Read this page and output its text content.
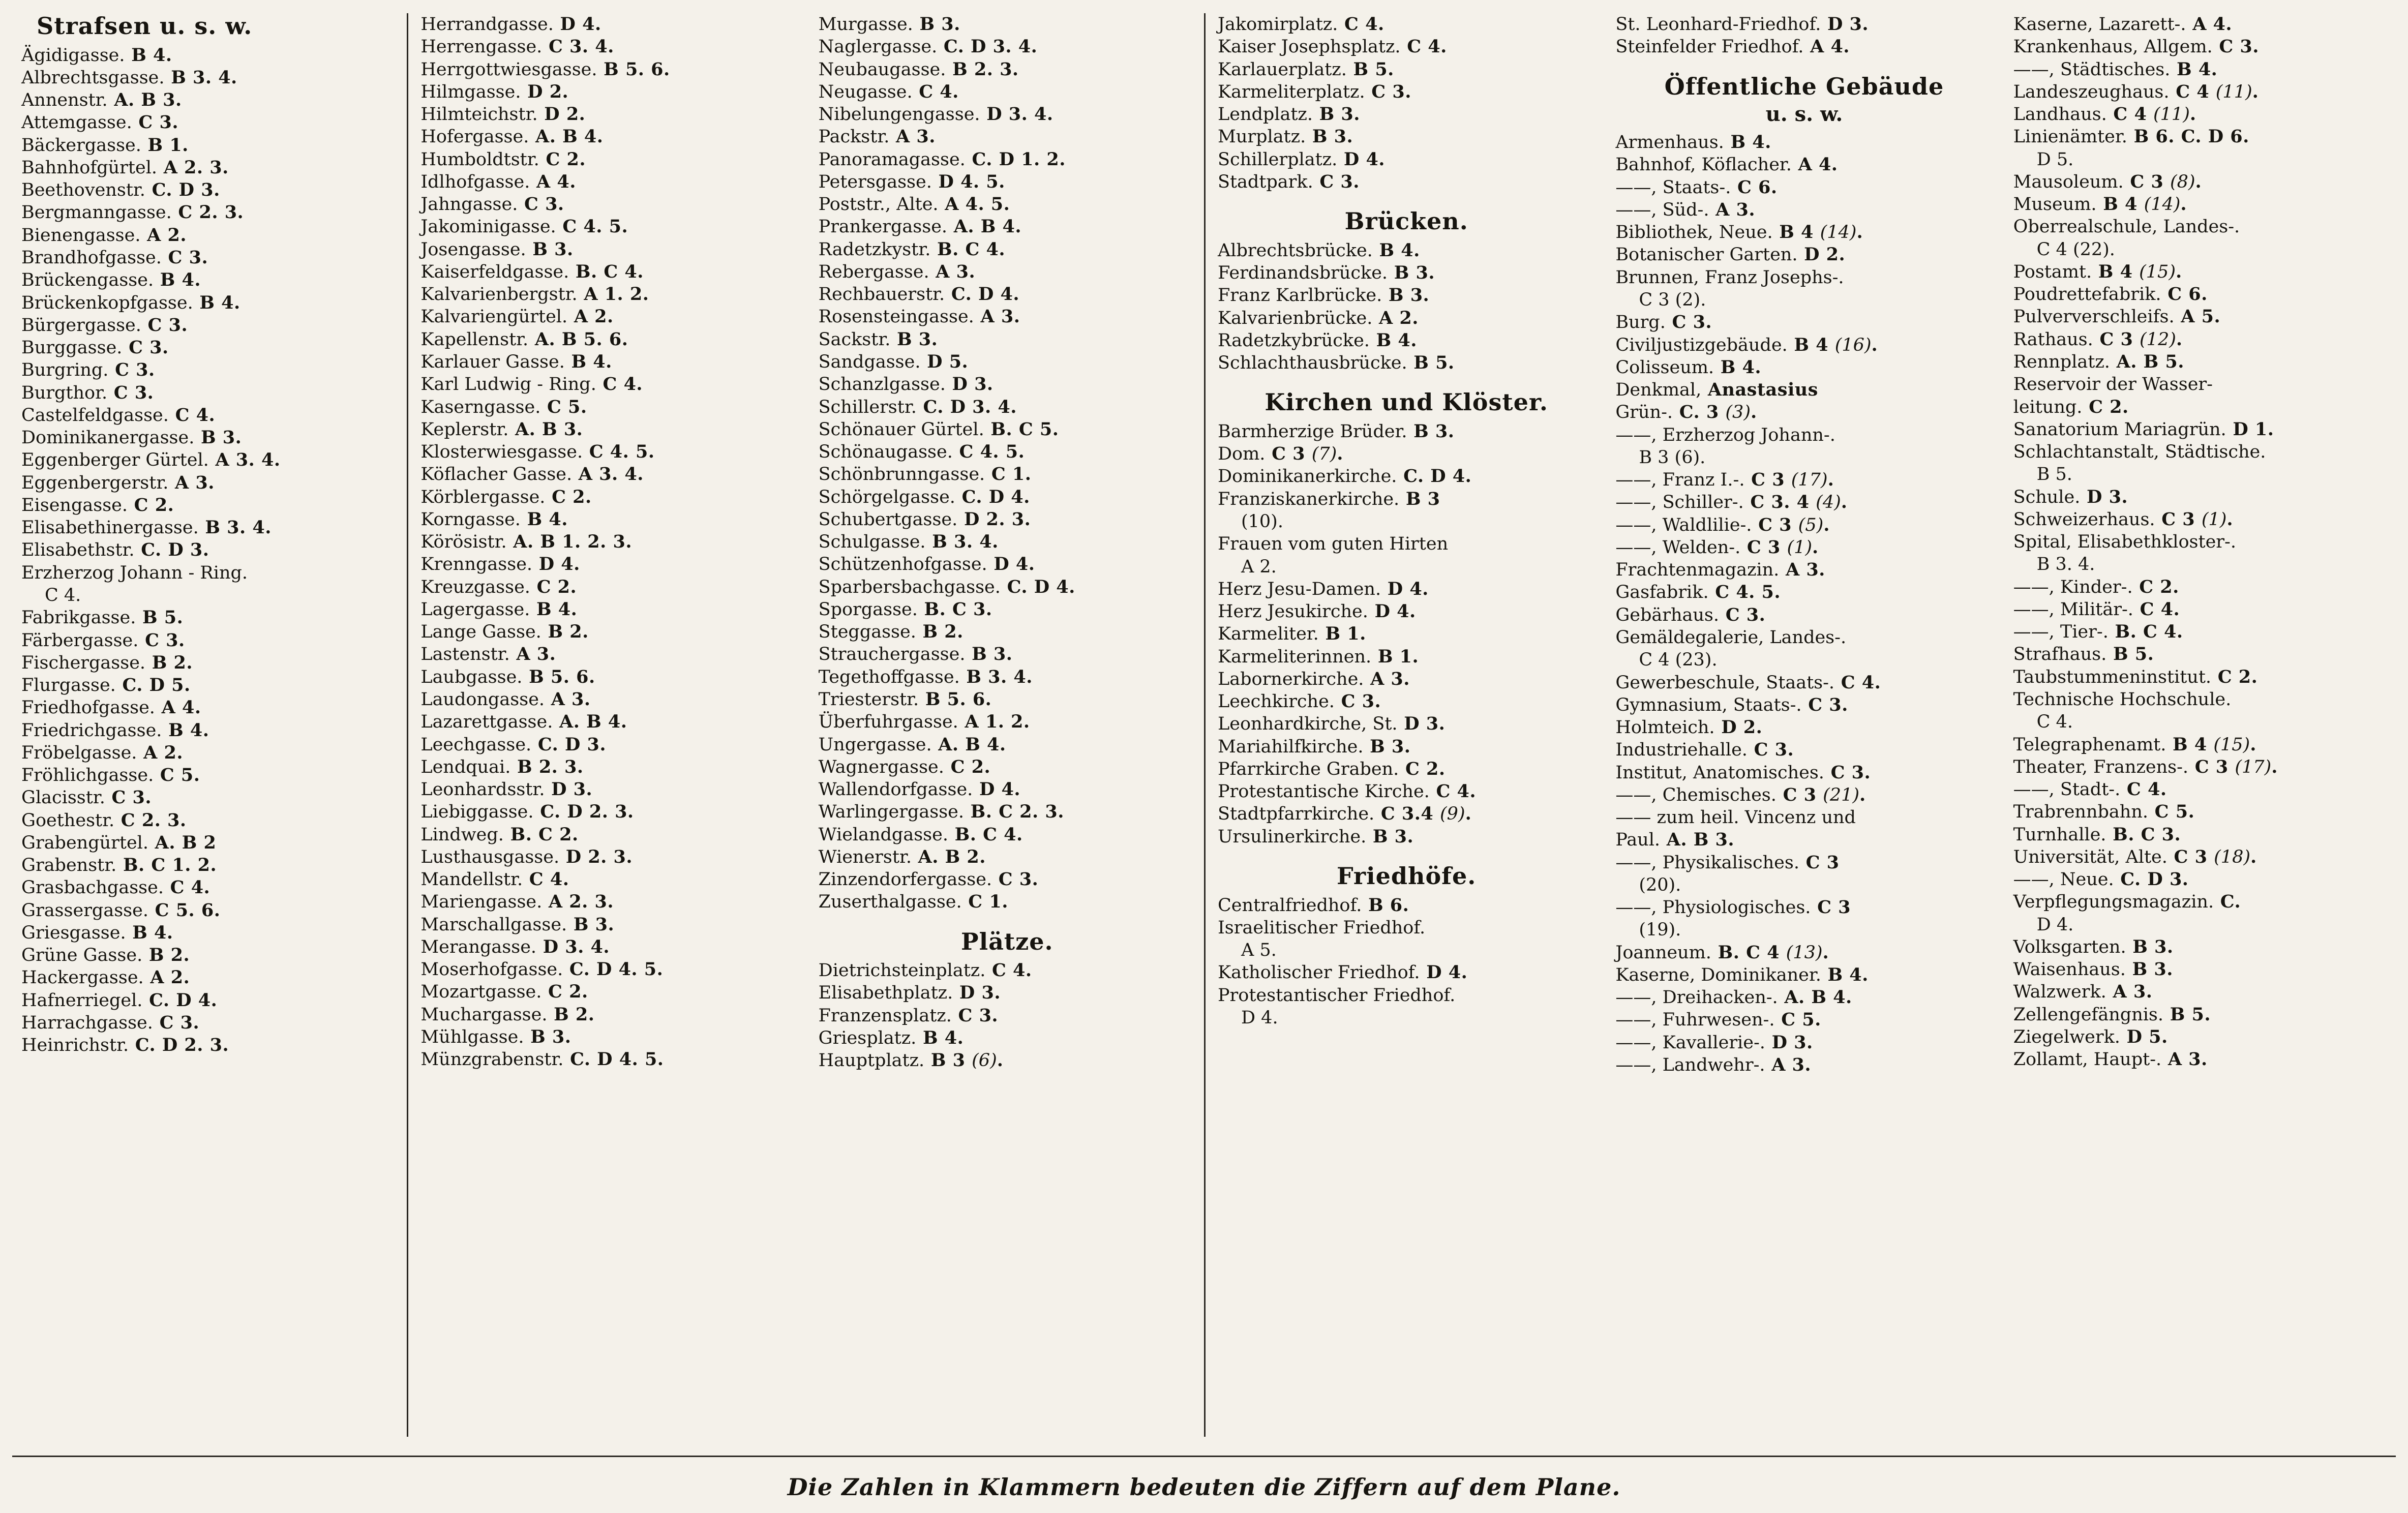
Strafsen u. s. w.
Ägidigasse. B 4.
Albrechtsgasse. B 3. 4.
Annenstr. A. B 3.
Attemgasse. C 3.
Bäckergasse. B 1.
Bahnhofgürtel. A 2. 3.
Beethovenstr. C. D 3.
Bergmanngasse. C 2. 3.
Bienengasse. A 2.
Brandhofgasse. C 3.
Brückengasse. B 4.
Brückenkopfgasse. B 4.
Bürgergasse. C 3.
Burggasse. C 3.
Burgring. C 3.
Burgthor. C 3.
Castelfeldgasse. C 4.
Dominikanergasse. B 3.
Eggenberger Gürtel. A 3. 4.
Eggenbergerstr. A 3.
Eisengasse. C 2.
Elisabethinergasse. B 3. 4.
Elisabethstr. C. D 3.
Erzherzog Johann - Ring.
C 4.
Fabrikgasse. B 5.
Färbergasse. C 3.
Fischergasse. B 2.
Flurgasse. C. D 5.
Friedhofgasse. A 4.
Friedrichgasse. B 4.
Fröbelgasse. A 2.
Fröhlichgasse. C 5.
Glacisstr. C 3.
Goethestr. C 2. 3.
Grabengürtel. A. B 2
Grabenstr. B. C 1. 2.
Grasbachgasse. C 4.
Grassergasse. C 5. 6.
Griesgasse. B 4.
Grüne Gasse. B 2.
Hackergasse. A 2.
Hafnerriegel. C. D 4.
Harrachgasse. C 3.
Heinrichstr. C. D 2. 3.
Herrandgasse. D 4.
Herrengasse. C 3. 4.
Herrgottwiesgasse. B 5. 6.
Hilmgasse. D 2.
Hilmteichstr. D 2.
Hofergasse. A. B 4.
Humboldtstr. C 2.
Idlhofgasse. A 4.
Jahngasse. C 3.
Jakominigasse. C 4. 5.
Josengasse. B 3.
Kaiserfeldgasse. B. C 4.
Kalvarienbergstr. A 1. 2.
Kalvariengürtel. A 2.
Kapellenstr. A. B 5. 6.
Karlauer Gasse. B 4.
Karl Ludwig - Ring. C 4.
Kaserngasse. C 5.
Keplerstr. A. B 3.
Klosterwiesgasse. C 4. 5.
Köflacher Gasse. A 3. 4.
Körblergasse. C 2.
Korngasse. B 4.
Körösistr. A. B 1. 2. 3.
Krenngasse. D 4.
Kreuzgasse. C 2.
Lagergasse. B 4.
Lange Gasse. B 2.
Lastenstr. A 3.
Laubgasse. B 5. 6.
Laudongasse. A 3.
Lazarettgasse. A. B 4.
Leechgasse. C. D 3.
Lendquai. B 2. 3.
Leonhardsstr. D 3.
Liebiggasse. C. D 2. 3.
Lindweg. B. C 2.
Lusthausgasse. D 2. 3.
Mandellstr. C 4.
Mariengasse. A 2. 3.
Marschallgasse. B 3.
Merangasse. D 3. 4.
Moserhofgasse. C. D 4. 5.
Mozartgasse. C 2.
Muchargasse. B 2.
Mühlgasse. B 3.
Münzgrabenstr. C. D 4. 5.
Murgasse. B 3.
Naglergasse. C. D 3. 4.
Neubaugasse. B 2. 3.
Neugasse. C 4.
Nibelungengasse. D 3. 4.
Packstr. A 3.
Panoramagasse. C. D 1. 2.
Petersgasse. D 4. 5.
Poststr., Alte. A 4. 5.
Prankergasse. A. B 4.
Radetzkystr. B. C 4.
Rebergasse. A 3.
Rechbauerstr. C. D 4.
Rosensteingasse. A 3.
Sackstr. B 3.
Sandgasse. D 5.
Schanzlgasse. D 3.
Schillerstr. C. D 3. 4.
Schönauer Gürtel. B. C 5.
Schönaugasse. C 4. 5.
Schönbrunngasse. C 1.
Schörgelgasse. C. D 4.
Schubertgasse. D 2. 3.
Schulgasse. B 3. 4.
Schützenhofgasse. D 4.
Sparbersbachgasse. C. D 4.
Sporgasse. B. C 3.
Steggasse. B 2.
Strauchergasse. B 3.
Tegethoffgasse. B 3. 4.
Triesterstr. B 5. 6.
Überfuhrgasse. A 1. 2.
Ungergasse. A. B 4.
Wagnergasse. C 2.
Wallendorfgasse. D 4.
Warlingergasse. B. C 2. 3.
Wielandgasse. B. C 4.
Wienerstr. A. B 2.
Zinzendorfergasse. C 3.
Zuserthalgasse. C 1.
Plätze.
Dietrichsteinplatz. C 4.
Elisabethplatz. D 3.
Franzensplatz. C 3.
Griesplatz. B 4.
Hauptplatz. B 3 (6).
Jakomirplatz. C 4.
Kaiser Josephsplatz. C 4.
Karlauerplatz. B 5.
Karmeliterplatz. C 3.
Lendplatz. B 3.
Murplatz. B 3.
Schillerplatz. D 4.
Stadtpark. C 3.
Brücken.
Albrechtsbrücke. B 4.
Ferdinandsbrücke. B 3.
Franz Karlbrücke. B 3.
Kalvarienbrücke. A 2.
Radetzkybrücke. B 4.
Schlachthausbrücke. B 5.
Kirchen und Klöster.
Barmherzige Brüder. B 3.
Dom. C 3 (7).
Dominikanerkirche. C. D 4.
Franziskanerkirche. B 3
(10).
Frauen vom guten Hirten
A 2.
Herz Jesu-Damen. D 4.
Herz Jesukirche. D 4.
Karmeliter. B 1.
Karmeliterinnen. B 1.
Labornerkirche. A 3.
Leechkirche. C 3.
Leonhardkirche, St. D 3.
Mariahilfkirche. B 3.
Pfarrkirche Graben. C 2.
Protestantische Kirche. C 4.
Stadtpfarrkirche. C 3.4 (9).
Ursulinerkirche. B 3.
Friedhöfe.
Centralfriedhof. B 6.
Israelitischer Friedhof.
A 5.
Katholischer Friedhof. D 4.
Protestantischer Friedhof.
D 4.
St. Leonhard-Friedhof. D 3.
Steinfelder Friedhof. A 4.
Öffentliche Gebäude
u. s. w.
Armenhaus. B 4.
Bahnhof, Köflacher. A 4.
——, Staats-. C 6.
——, Süd-. A 3.
Bibliothek, Neue. B 4 (14).
Botanischer Garten. D 2.
Brunnen, Franz Josephs-.
C 3 (2).
Burg. C 3.
Civiljustizgebäude. B 4 (16).
Colisseum. B 4.
Denkmal, Anastasius
Grün-. C. 3 (3).
——, Erzherzog Johann-.
B 3 (6).
——, Franz I.-. C 3 (17).
——, Schiller-. C 3. 4 (4).
——, Waldlilie-. C 3 (5).
——, Welden-. C 3 (1).
Frachtenmagazin. A 3.
Gasfabrik. C 4. 5.
Gebärhaus. C 3.
Gemäldegalerie, Landes-.
C 4 (23).
Gewerbeschule, Staats-. C 4.
Gymnasium, Staats-. C 3.
Holmteich. D 2.
Industriehalle. C 3.
Institut, Anatomisches. C 3.
——, Chemisches. C 3 (21).
—— zum heil. Vincenz und
Paul. A. B 3.
——, Physikalisches. C 3
(20).
——, Physiologisches. C 3
(19).
Joanneum. B. C 4 (13).
Kaserne, Dominikaner. B 4.
——, Dreihacken-. A. B 4.
——, Fuhrwesen-. C 5.
——, Kavallerie-. D 3.
——, Landwehr-. A 3.
Kaserne, Lazarett-. A 4.
Krankenhaus, Allgem. C 3.
——, Städtisches. B 4.
Landeszeughaus. C 4 (11).
Landhaus. C 4 (11).
Linienämter. B 6. C. D 6.
D 5.
Mausoleum. C 3 (8).
Museum. B 4 (14).
Oberrealschule, Landes-.
C 4 (22).
Postamt. B 4 (15).
Poudrettefabrik. C 6.
Pulververschleifs. A 5.
Rathaus. C 3 (12).
Rennplatz. A. B 5.
Reservoir der Wasser-
leitung. C 2.
Sanatorium Mariagrün. D 1.
Schlachtanstalt, Städtische.
B 5.
Schule. D 3.
Schweizerhaus. C 3 (1).
Spital, Elisabethkloster-.
B 3. 4.
——, Kinder-. C 2.
——, Militär-. C 4.
——, Tier-. B. C 4.
Strafhaus. B 5.
Taubstummeninstitut. C 2.
Technische Hochschule.
C 4.
Telegraphenamt. B 4 (15).
Theater, Franzens-. C 3 (17).
——, Stadt-. C 4.
Trabrennbahn. C 5.
Turnhalle. B. C 3.
Universität, Alte. C 3 (18).
——, Neue. C. D 3.
Verpflegungsmagazin. C.
D 4.
Volksgarten. B 3.
Waisenhaus. B 3.
Walzwerk. A 3.
Zellengefängnis. B 5.
Ziegelwerk. D 5.
Zollamt, Haupt-. A 3.
Die Zahlen in Klammern bedeuten die Ziffern auf dem Plane.
